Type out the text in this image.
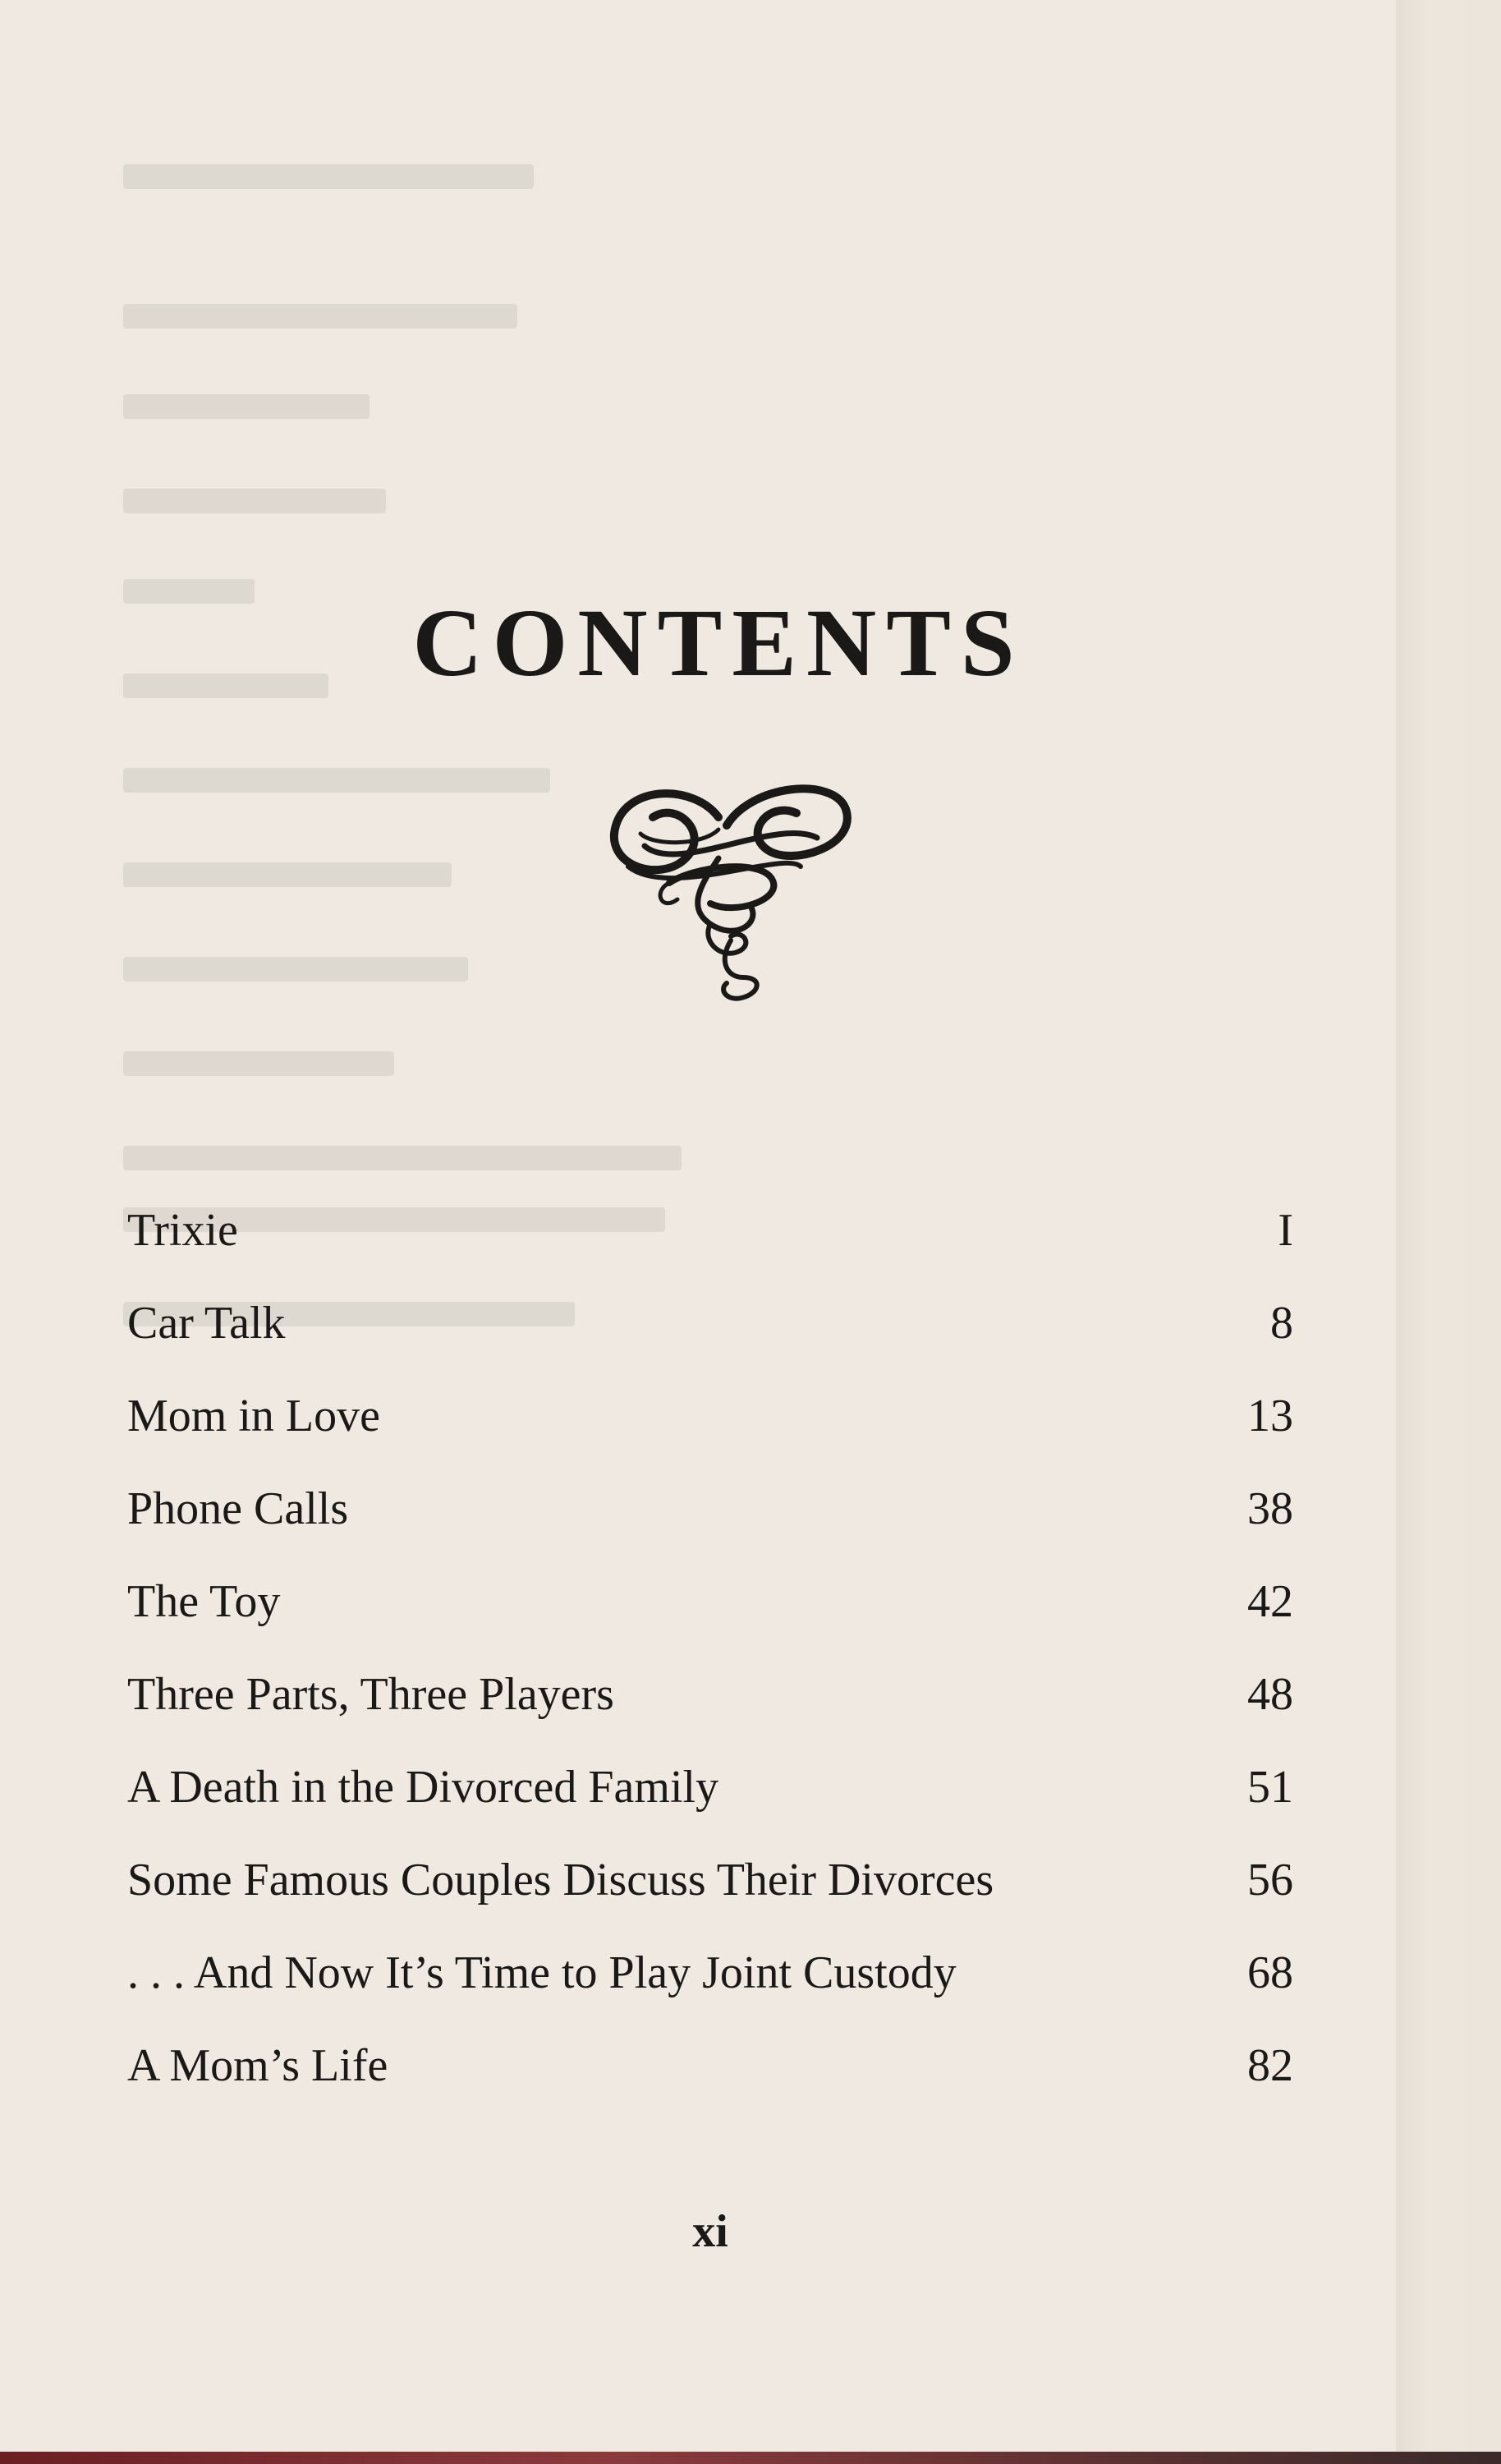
CONTENTS
Trixie	I
Car Talk	8
Mom in Love	13
Phone Calls	38
The Toy	42
Three Parts, Three Players	48
A Death in the Divorced Family	51
Some Famous Couples Discuss Their Divorces	56
. . . And Now It’s Time to Play Joint Custody	68
A Mom’s Life	82
xi
